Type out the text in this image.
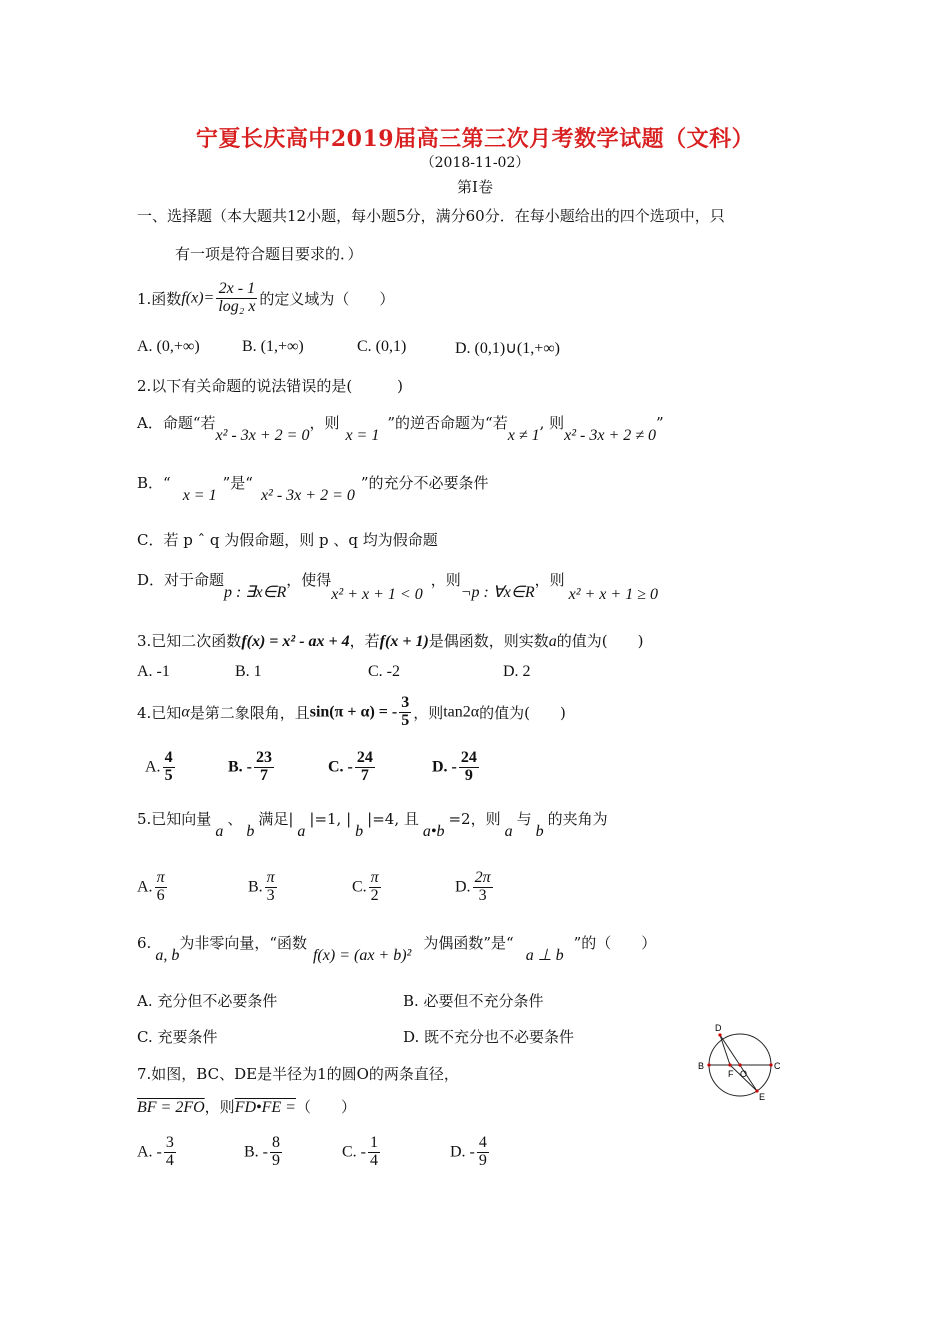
宁夏长庆高中2019届高三第三次月考数学试题（文科）
（2018-11-02）
第Ⅰ卷
一、选择题（本大题共12小题，每小题5分，满分60分．在每小题给出的四个选项中，只
有一项是符合题目要求的．）
1.函数$f(x)= \frac{2x - 1}{\text{log₂ x}}$ 的定义域为（　　）
A. (0,+∞)	B. (1,+∞)	C. (0,1)	D. (0,1)∪(1,+∞)
2.以下有关命题的说法错误的是(　　　)
A．命题“若x² - 3x + 2 = 0，则x = 1”的逆否命题为“若x ≠ 1, 则x² - 3x + 2 ≠ 0”
B．“x = 1”是“x² - 3x + 2 = 0”的充分不必要条件
C．若 p ˆ q 为假命题，则 p 、q 均为假命题
D．对于命题p : ∃x∈R，使得x² + x + 1 < 0，则¬p : ∀x∈R，则x² + x + 1 ≥ 0
3.已知二次函数f(x) = x² - ax + 4，若f(x + 1)是偶函数，则实数a的值为(　　)
A. -1	B. 1	C. -2	D. 2
4.已知α是第二象限角，且sin(π + α) = - $\frac{3}{5}$ ，则tan2α的值为(　　)
A. $\frac{4}{5}$	B. - $\frac{23}{7}$	C. - $\frac{24}{7}$	D. - $\frac{24}{9}$
5.已知向量a、b满足|a|=1, |b|=4, 且a•b=2，则a与b的夹角为
A. $\frac{\pi}{6}$	B. $\frac{\pi}{3}$	C. $\frac{\pi}{2}$	D. $\frac{2\pi}{3}$
6.a, b为非零向量，“函数f(x) = (ax + b)²为偶函数”是“a ⊥ b”的（　　）
A. 充分但不必要条件	B. 必要但不充分条件
C. 充要条件	D. 既不充分也不必要条件
7.如图，BC、DE是半径为1的圆O的两条直径，
BF = 2FO，则FD•FE =（　　）
A. - $\frac{3}{4}$	B. - $\frac{8}{9}$	C. - $\frac{1}{4}$	D. - $\frac{4}{9}$
D
B
F O
C
E
